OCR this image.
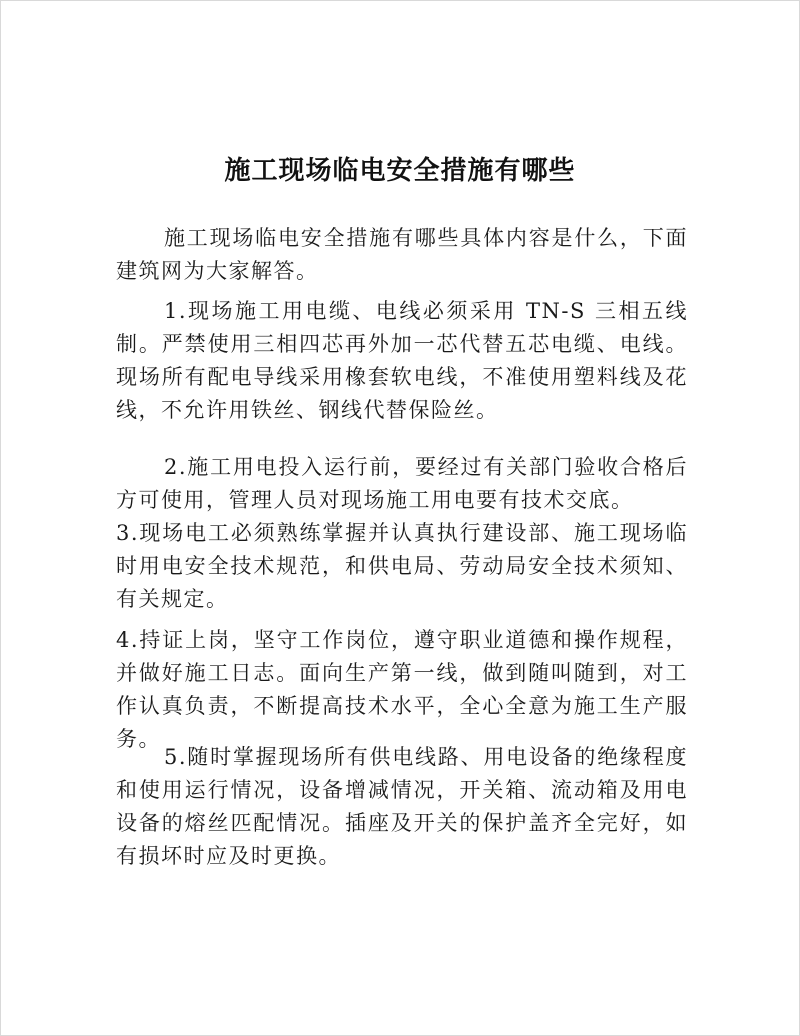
施工现场临电安全措施有哪些

施工现场临电安全措施有哪些具体内容是什么，下面建筑网为大家解答。

1.现场施工用电缆、电线必须采用 TN-S 三相五线制。严禁使用三相四芯再外加一芯代替五芯电缆、电线。现场所有配电导线采用橡套软电线，不准使用塑料线及花线，不允许用铁丝、钢线代替保险丝。

2.施工用电投入运行前，要经过有关部门验收合格后方可使用，管理人员对现场施工用电要有技术交底。

3.现场电工必须熟练掌握并认真执行建设部、施工现场临时用电安全技术规范，和供电局、劳动局安全技术须知、有关规定。

4.持证上岗，坚守工作岗位，遵守职业道德和操作规程，并做好施工日志。面向生产第一线，做到随叫随到，对工作认真负责，不断提高技术水平，全心全意为施工生产服务。

5.随时掌握现场所有供电线路、用电设备的绝缘程度和使用运行情况，设备增减情况，开关箱、流动箱及用电设备的熔丝匹配情况。插座及开关的保护盖齐全完好，如有损坏时应及时更换。
